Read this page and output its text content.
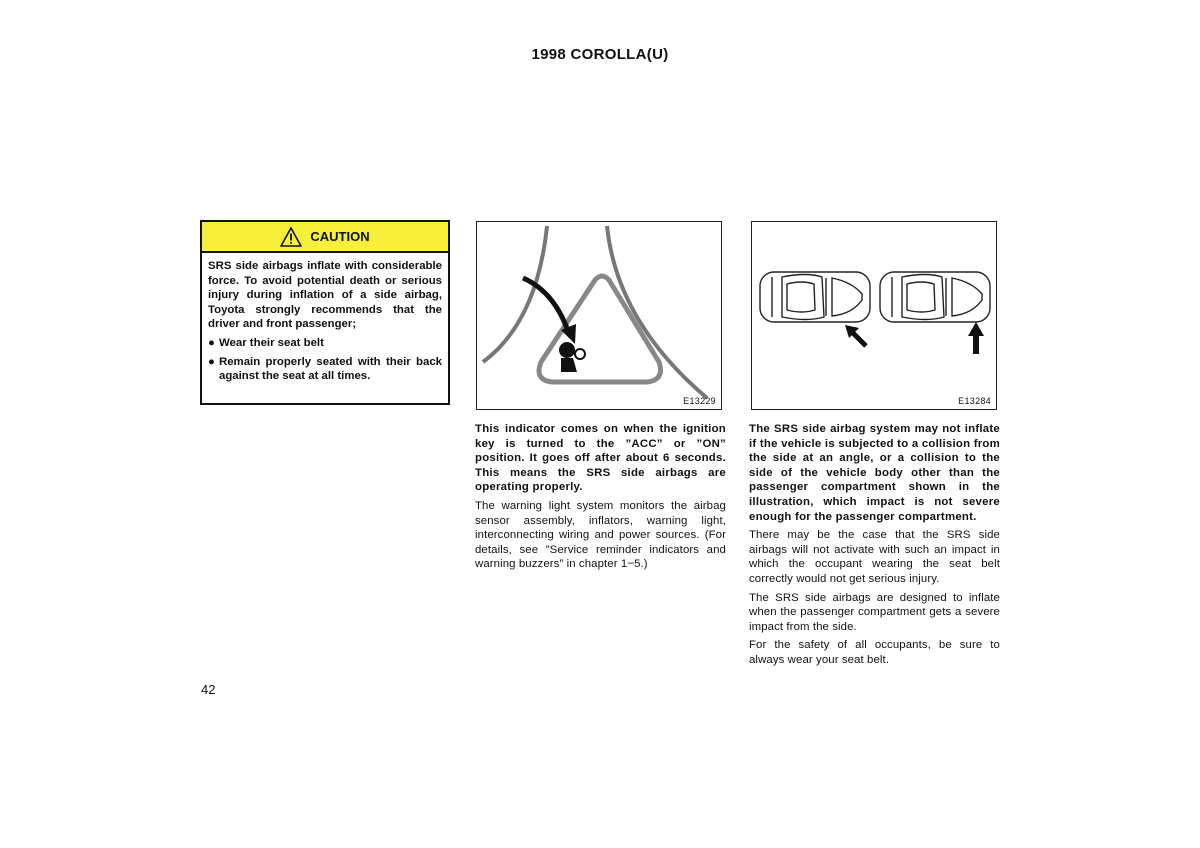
1998 COROLLA(U)
CAUTION
SRS side airbags inflate with considerable force. To avoid potential death or serious injury during inflation of a side airbag, Toyota strongly recommends that the driver and front passenger;
● Wear their seat belt
● Remain properly seated with their back against the seat at all times.
E13229	E13284

This indicator comes on when the ignition key is turned to the ”ACC” or ”ON” position. It goes off after about 6 seconds. This means the SRS side airbags are operating properly.

The warning light system monitors the airbag sensor assembly, inflators, warning light, interconnecting wiring and power sources. (For details, see ”Service reminder indicators and warning buzzers” in chapter 1−5.)

The SRS side airbag system may not inflate if the vehicle is subjected to a collision from the side at an angle, or a collision to the side of the vehicle body other than the passenger compartment shown in the illustration, which impact is not severe enough for the passenger compartment.

There may be the case that the SRS side airbags will not activate with such an impact in which the occupant wearing the seat belt correctly would not get serious injury.

The SRS side airbags are designed to inflate when the passenger compartment gets a severe impact from the side.

For the safety of all occupants, be sure to always wear your seat belt.

42
